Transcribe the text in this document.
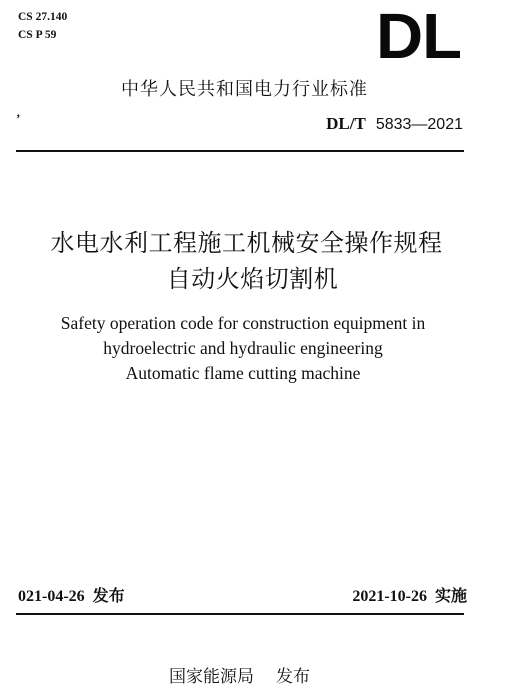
CS 27.140
CS P 59	DL
中华人民共和国电力行业标准
’	DL/T 5833—2021
水电水利工程施工机械安全操作规程
自动火焰切割机
Safety operation code for construction equipment in
hydroelectric and hydraulic engineering
Automatic flame cutting machine
021-04-26 发布	2021-10-26 实施
国家能源局 发布
